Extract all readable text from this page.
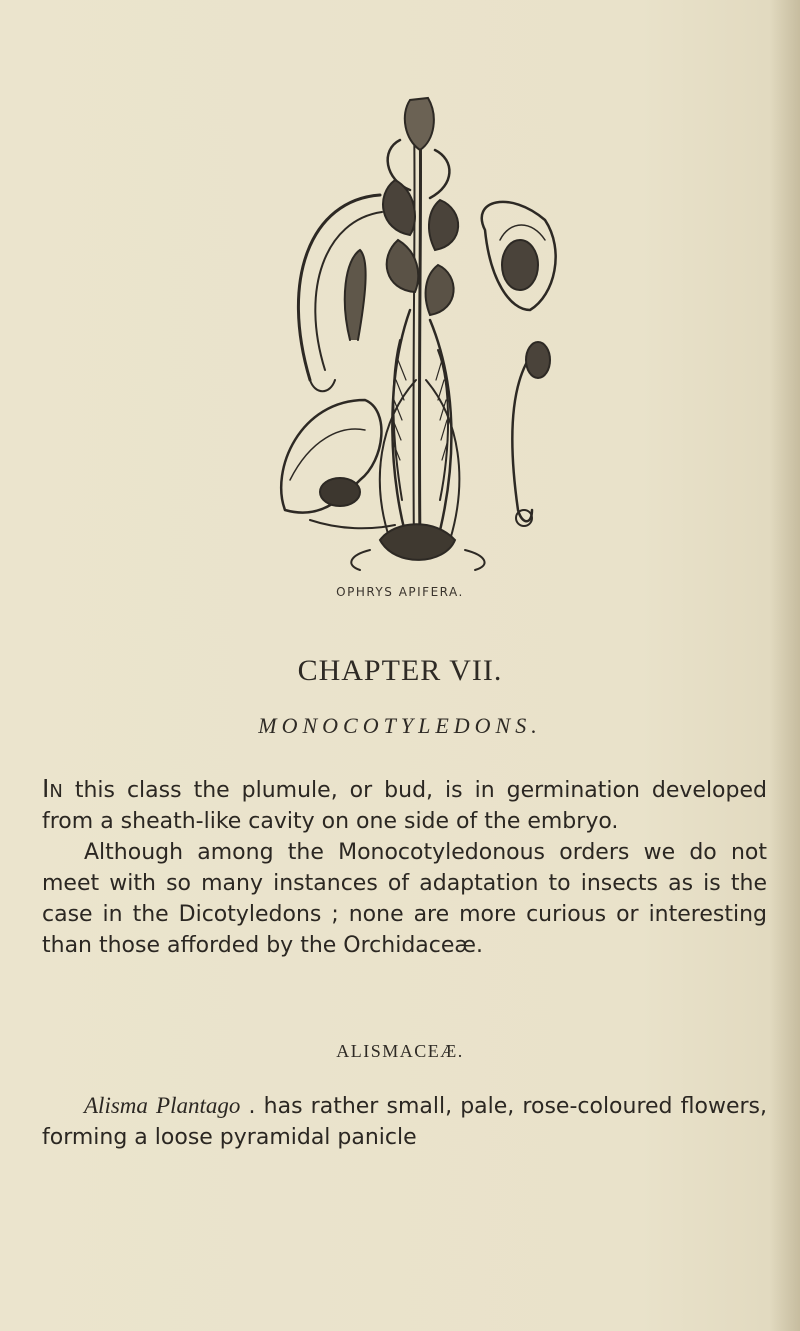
OPHRYS APIFERA.
CHAPTER VII.
MONOCOTYLEDONS.

In this class the plumule, or bud, is in germination developed from a sheath-like cavity on one side of the embryo.

Although among the Monocotyledonous orders we do not meet with so many instances of adaptation to insects as is the case in the Dicotyledons ; none are more curious or interesting than those afforded by the Orchidaceæ.

ALISMACEÆ.

Alisma Plantago . has rather small, pale, rose-coloured flowers, forming a loose pyramidal panicle
